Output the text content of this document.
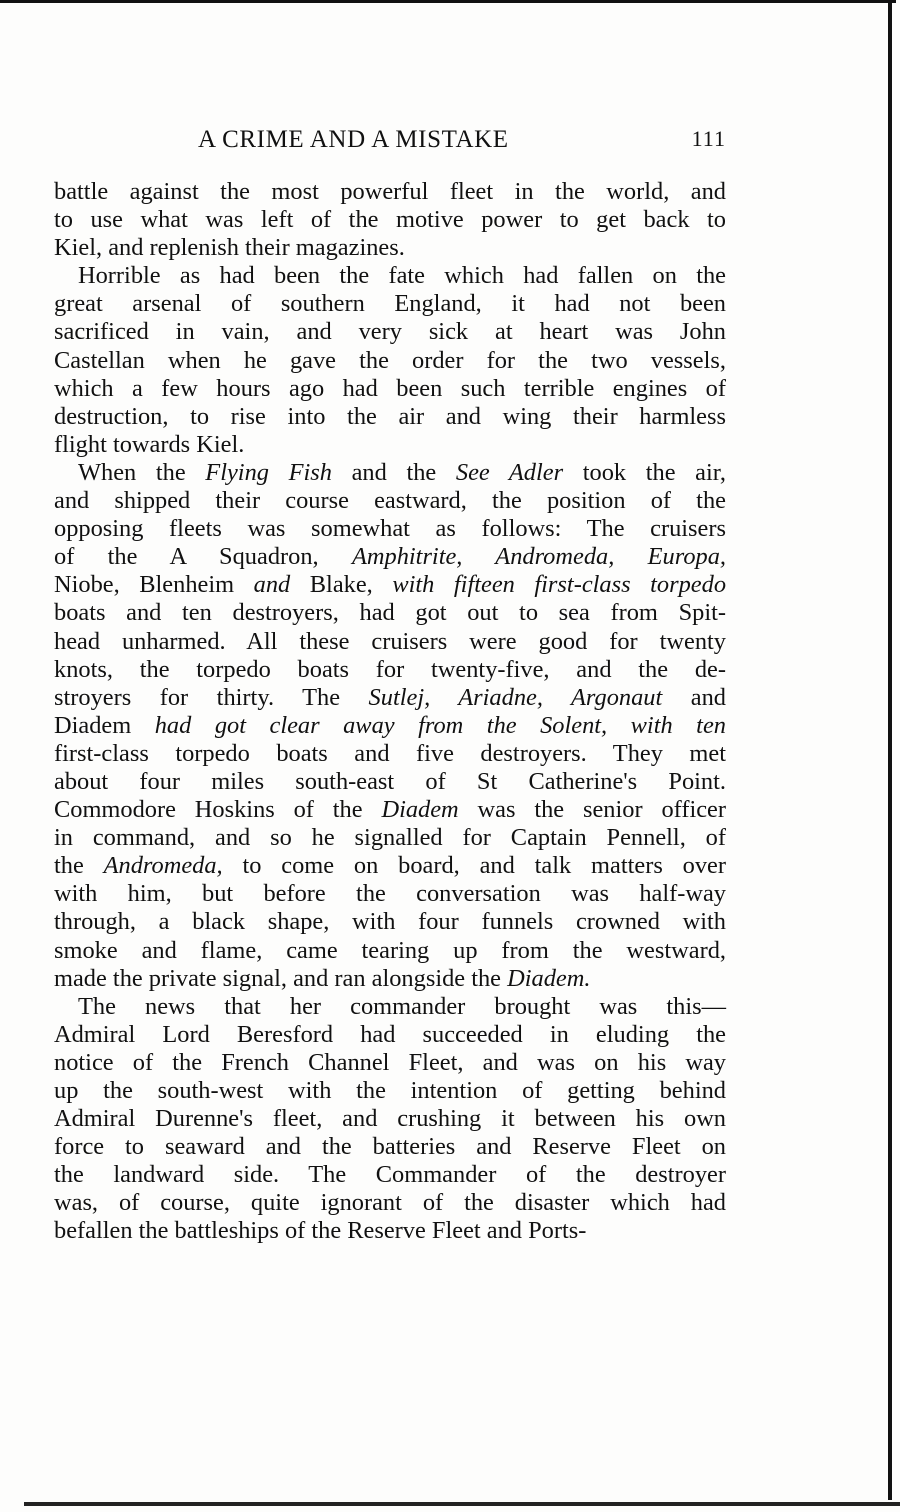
A CRIME AND A MISTAKE	111
battle against the most powerful fleet in the world, and
to use what was left of the motive power to get back to
Kiel, and replenish their magazines.
Horrible as had been the fate which had fallen on the
great arsenal of southern England, it had not been
sacrificed in vain, and very sick at heart was John
Castellan when he gave the order for the two vessels,
which a few hours ago had been such terrible engines of
destruction, to rise into the air and wing their harmless
flight towards Kiel.
When the Flying Fish and the See Adler took the air,
and shipped their course eastward, the position of the
opposing fleets was somewhat as follows: The cruisers
of the A Squadron, Amphitrite, Andromeda, Europa,
Niobe, Blenheim and Blake, with fifteen first-class torpedo
boats and ten destroyers, had got out to sea from Spit-
head unharmed. All these cruisers were good for twenty
knots, the torpedo boats for twenty-five, and the de-
stroyers for thirty. The Sutlej, Ariadne, Argonaut and
Diadem had got clear away from the Solent, with ten
first-class torpedo boats and five destroyers. They met
about four miles south-east of St Catherine's Point.
Commodore Hoskins of the Diadem was the senior officer
in command, and so he signalled for Captain Pennell, of
the Andromeda, to come on board, and talk matters over
with him, but before the conversation was half-way
through, a black shape, with four funnels crowned with
smoke and flame, came tearing up from the westward,
made the private signal, and ran alongside the Diadem.
The news that her commander brought was this—
Admiral Lord Beresford had succeeded in eluding the
notice of the French Channel Fleet, and was on his way
up the south-west with the intention of getting behind
Admiral Durenne's fleet, and crushing it between his own
force to seaward and the batteries and Reserve Fleet on
the landward side. The Commander of the destroyer
was, of course, quite ignorant of the disaster which had
befallen the battleships of the Reserve Fleet and Ports-
